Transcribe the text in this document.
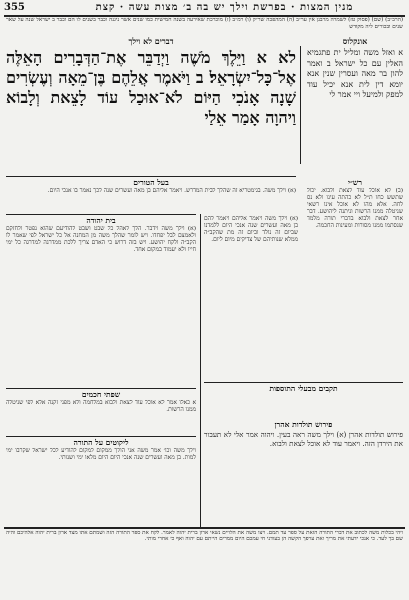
355	מנין המצות · בפרשת וילך יש בה ב׳ מצות עשה · קצת
(הרב״ב) (שם) (פסוק טז) לשמרה מרבנן אין ער״ב (ה) המהפכה שר״ק (ו) רמ״ב (ז) מוכרכת שאירעה בשנה חמישית כמו שנים אשר ניגנה וכבר בשנים לו הם וכבר ב ישראל שנה על שאר שנים ובכורים ליה מקודש
אונקלוס
דברים לא וילך
לא א וַיֵּלֶךְ מֹשֶׁה וַיְדַבֵּר אֶת־הַדְּבָרִים הָאֵלֶּה אֶל־כָּל־יִשְׂרָאֵל׃ ב וַיֹּאמֶר אֲלֵהֶם בֶּן־מֵאָה וְעֶשְׂרִים שָׁנָה אָנֹכִי הַיּוֹם לֹא־אוּכַל עוֹד לָצֵאת וְלָבוֹא וַיהוָה אָמַר אֵלַי
א ואזל משה ומליל ית פתגמיא האלין עם כל ישראל׃ ב ואמר להון בר מאה ועסרין שנין אנא יומא דין לית אנא יכיל עוד למפק ולמיעל ויי אמר לי
בעל הטורים
(א) וילך משה. בגימטריא זה שהלך לבית המדרש. ויאמר אליהם בן מאה ועשרים שנה לכך נאמר בו אנכי היום.
רש״י
(ב) לא אוכל עוד לצאת ולבוא. יכול שתשש כחו ת״ל לא כהתה עינו ולא נס לחה. אלא מהו לא אוכל אינו רשאי שניטלה ממנו הרשות וניתנה ליהושע. דבר אחר לצאת ולבוא בדברי תורה מלמד שנסתמו ממנו מסורות ומעינות החכמה.
בית יהודה
(א) וילך משה וידבר. הלך לאהל כל שבט ושבט להודיעם שהוא נפטר ולחזקם ולאמצם לבל יפחדו. ויש לומר שהלך משה מן המחנה אל כל ישראל לפי שאמר לו הקב״ה ולקח יהושע. ויש בזה דרוש כי האדם צריך ללכת ממדרגה למדרגה כל ימי חייו ולא יעמוד במקום אחד.
(א) וילך משה ויאמר אליהם ויאמר להם בן מאה ועשרים שנה אנכי היום ללמדנו שביום זה נולד וביום זה מת שהקב״ה ממלא שנותיהם של צדיקים מיום ליום.
שפתי חכמים
א כאלו אמר לא אוכל עוד לצאת ולבוא במלחמה ולא מפני זקנה אלא לפי שניטלה ממנו הרשות.
ליקוטים על התורה
וילך משה וכו׳ אמר משה אני הולך ממקום למקום להודיע לכל ישראל שקרבו ימי למות. בן מאה ועשרים שנה אנכי היום היום מלאו ימי ושנותי.
תקבים מבעלי התוספות
פירוש תולדות אהרן
פירוש תולדות אהרן (א) וילך משה ראה בעין. ויהוה אמר אלי לא תעבור את הירדן הזה. ויאמר עוד לא אוכל לצאת ולבוא.
ויהי בכלות משה לכתוב את דברי התורה הזאת על ספר עד תמם. ויצו משה את הלויים נשאי ארון ברית יהוה לאמר. לקח את ספר התורה הזה ושמתם אתו מצד ארון ברית יהוה אלהיכם והיה שם בך לעד. כי אנכי ידעתי את מריך ואת ערפך הקשה הן בעודני חי עמכם היום ממרים הייתם עם יהוה ואף כי אחרי מותי.
